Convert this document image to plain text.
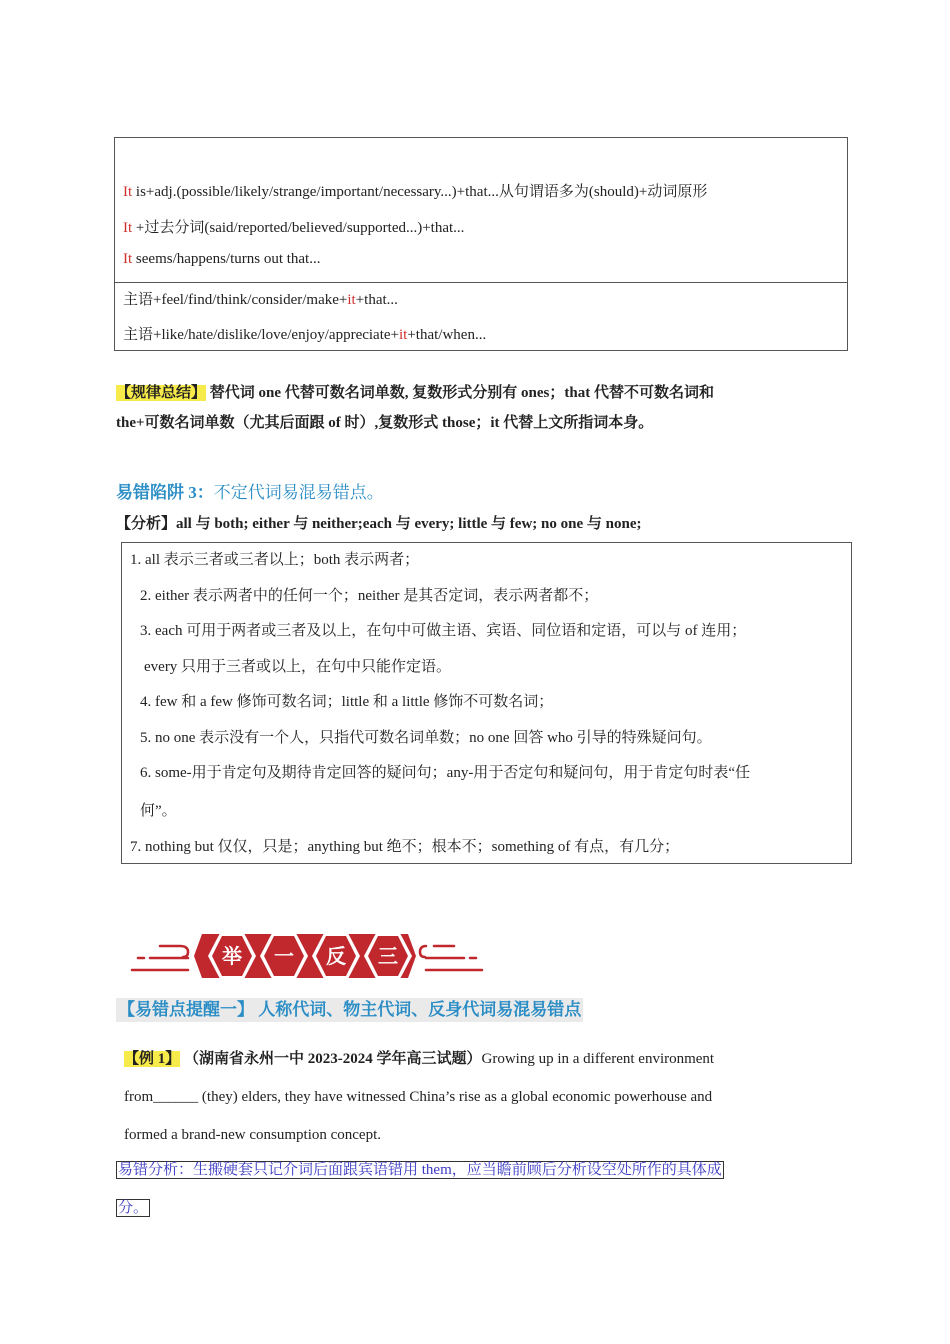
It is+adj.(possible/likely/strange/important/necessary...)+that...从句谓语多为(should)+动词原形
It +过去分词(said/reported/believed/supported...)+that...
It seems/happens/turns out that...
主语+feel/find/think/consider/make+it+that...
主语+like/hate/dislike/love/enjoy/appreciate+it+that/when...
【规律总结】 替代词 one 代替可数名词单数, 复数形式分别有 ones；that 代替不可数名词和
the+可数名词单数（尤其后面跟 of 时）,复数形式 those；it 代替上文所指词本身。
易错陷阱 3：不定代词易混易错点。
【分析】all 与 both; either 与 neither;each 与 every; little 与 few; no one 与 none;
1. all 表示三者或三者以上；both 表示两者；
2. either 表示两者中的任何一个；neither 是其否定词，表示两者都不；
3. each 可用于两者或三者及以上，在句中可做主语、宾语、同位语和定语，可以与 of 连用；
every 只用于三者或以上，在句中只能作定语。
4. few 和 a few 修饰可数名词；little 和 a little 修饰不可数名词；
5. no one 表示没有一个人，只指代可数名词单数；no one 回答 who 引导的特殊疑问句。
6. some-用于肯定句及期待肯定回答的疑问句；any-用于否定句和疑问句，用于肯定句时表“任
何”。
7. nothing but 仅仅，只是；anything but 绝不；根本不；something of 有点，有几分；
举 一 反 三
【易错点提醒一】 人称代词、物主代词、反身代词易混易错点
【例 1】 （湖南省永州一中 2023-2024 学年高三试题）Growing up in a different environment
from______ (they) elders, they have witnessed China’s rise as a global economic powerhouse and
formed a brand-new consumption concept.
易错分析：生搬硬套只记介词后面跟宾语错用 them，应当瞻前顾后分析设空处所作的具体成
分。
